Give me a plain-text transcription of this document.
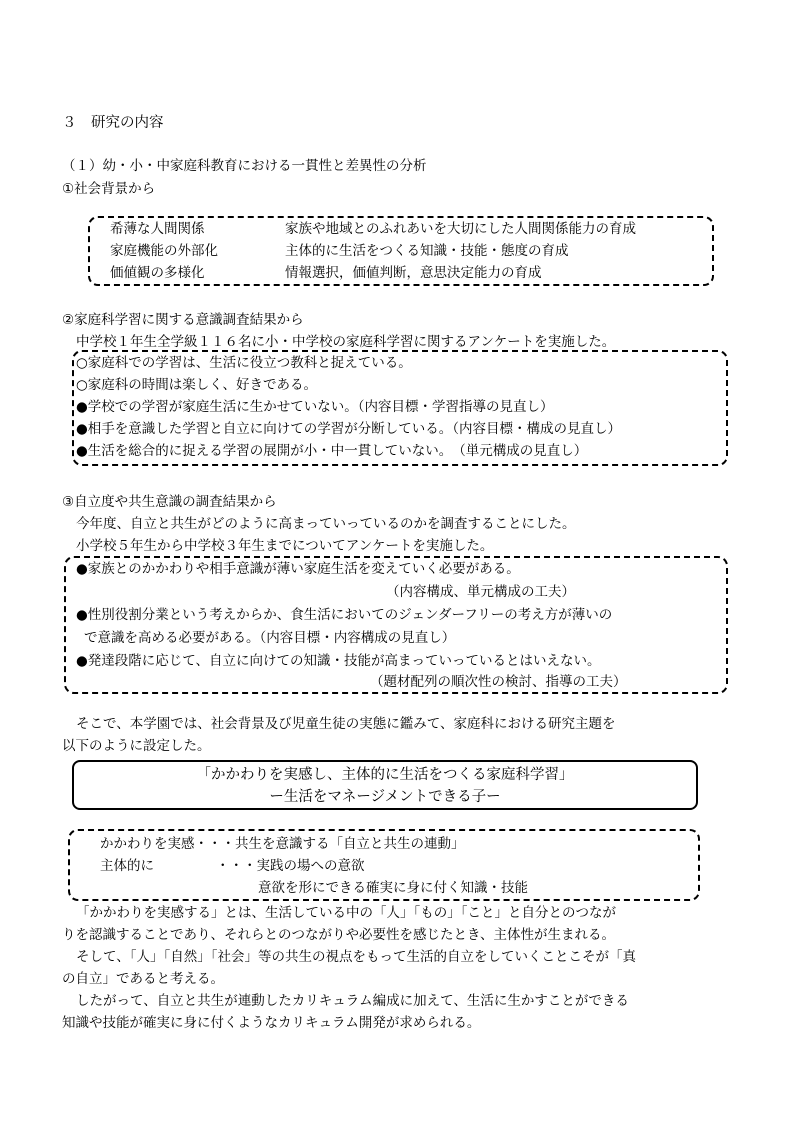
３　研究の内容
（１）幼・小・中家庭科教育における一貫性と差異性の分析
①社会背景から
希薄な人間関係	家族や地域とのふれあいを大切にした人間関係能力の育成
家庭機能の外部化	主体的に生活をつくる知識・技能・態度の育成
価値観の多様化	情報選択，価値判断，意思決定能力の育成
②家庭科学習に関する意識調査結果から
中学校１年生全学級１１６名に小・中学校の家庭科学習に関するアンケートを実施した。
○家庭科での学習は、生活に役立つ教科と捉えている。
○家庭科の時間は楽しく、好きである。
●学校での学習が家庭生活に生かせていない。（内容目標・学習指導の見直し）
●相手を意識した学習と自立に向けての学習が分断している。（内容目標・構成の見直し）
●生活を総合的に捉える学習の展開が小・中一貫していない。　（単元構成の見直し）
③自立度や共生意識の調査結果から
今年度、自立と共生がどのように高まっていっているのかを調査することにした。
小学校５年生から中学校３年生までについてアンケートを実施した。
●家族とのかかわりや相手意識が薄い家庭生活を変えていく必要がある。
（内容構成、単元構成の工夫）
●性別役割分業という考えからか、食生活においてのジェンダーフリーの考え方が薄いの
で意識を高める必要がある。（内容目標・内容構成の見直し）
●発達段階に応じて、自立に向けての知識・技能が高まっていっているとはいえない。
（題材配列の順次性の検討、指導の工夫）
そこで、本学園では、社会背景及び児童生徒の実態に鑑みて、家庭科における研究主題を
以下のように設定した。
「かかわりを実感し、主体的に生活をつくる家庭科学習」
ー生活をマネージメントできる子ー
かかわりを実感・・・共生を意識する「自立と共生の連動」
主体的に	・・・実践の場への意欲
意欲を形にできる確実に身に付く知識・技能
「かかわりを実感する」とは、生活している中の「人」「もの」「こと」と自分とのつなが
りを認識することであり、それらとのつながりや必要性を感じたとき、主体性が生まれる。
そして、「人」「自然」「社会」等の共生の視点をもって生活的自立をしていくことこそが「真
の自立」であると考える。
したがって、自立と共生が連動したカリキュラム編成に加えて、生活に生かすことができる
知識や技能が確実に身に付くようなカリキュラム開発が求められる。
